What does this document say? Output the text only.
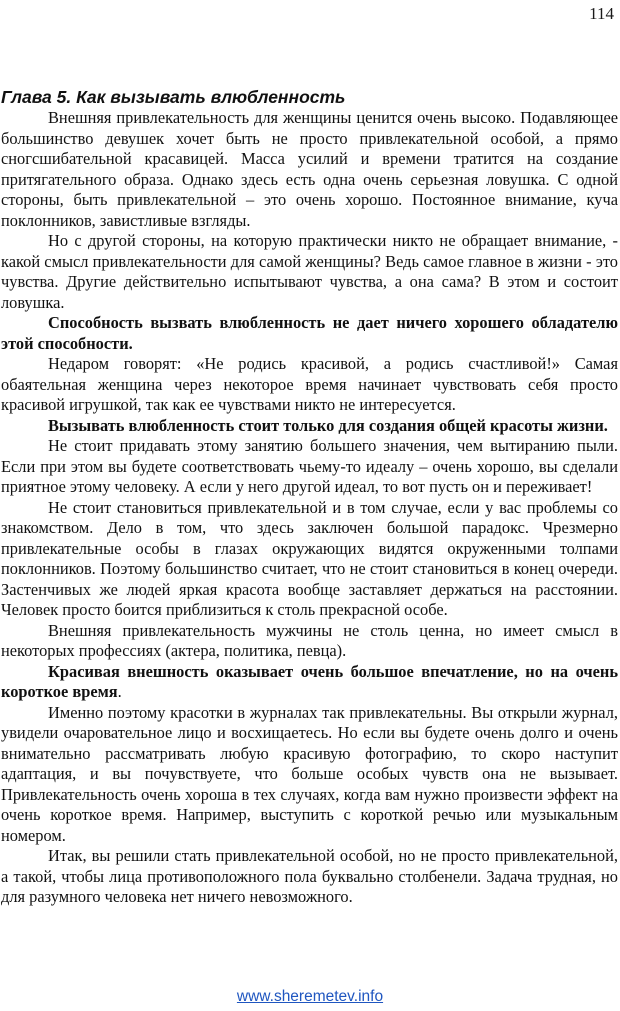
114
Глава 5. Как вызывать влюбленность

Внешняя привлекательность для женщины ценится очень высоко. Подавляющее большинство девушек хочет быть не просто привлекательной особой, а прямо сногсшибательной красавицей. Масса усилий и времени тратится на создание притягательного образа. Однако здесь есть одна очень серьезная ловушка. С одной стороны, быть привлекательной – это очень хорошо. Постоянное внимание, куча поклонников, завистливые взгляды.

Но с другой стороны, на которую практически никто не обращает внимание, - какой смысл привлекательности для самой женщины? Ведь самое главное в жизни - это чувства. Другие действительно испытывают чувства, а она сама? В этом и состоит ловушка.

Способность вызвать влюбленность не дает ничего хорошего обладателю этой способности.

Недаром говорят: «Не родись красивой, а родись счастливой!» Самая обаятельная женщина через некоторое время начинает чувствовать себя просто красивой игрушкой, так как ее чувствами никто не интересуется.

Вызывать влюбленность стоит только для создания общей красоты жизни.

Не стоит придавать этому занятию большего значения, чем вытиранию пыли. Если при этом вы будете соответствовать чьему-то идеалу – очень хорошо, вы сделали приятное этому человеку. А если у него другой идеал, то вот пусть он и переживает!

Не стоит становиться привлекательной и в том случае, если у вас проблемы со знакомством. Дело в том, что здесь заключен большой парадокс. Чрезмерно привлекательные особы в глазах окружающих видятся окруженными толпами поклонников. Поэтому большинство считает, что не стоит становиться в конец очереди. Застенчивых же людей яркая красота вообще заставляет держаться на расстоянии. Человек просто боится приблизиться к столь прекрасной особе.

Внешняя привлекательность мужчины не столь ценна, но имеет смысл в некоторых профессиях (актера, политика, певца).

Красивая внешность оказывает очень большое впечатление, но на очень короткое время.

Именно поэтому красотки в журналах так привлекательны. Вы открыли журнал, увидели очаровательное лицо и восхищаетесь. Но если вы будете очень долго и очень внимательно рассматривать любую красивую фотографию, то скоро наступит адаптация, и вы почувствуете, что больше особых чувств она не вызывает. Привлекательность очень хороша в тех случаях, когда вам нужно произвести эффект на очень короткое время. Например, выступить с короткой речью или музыкальным номером.

Итак, вы решили стать привлекательной особой, но не просто привлекательной, а такой, чтобы лица противоположного пола буквально столбенели. Задача трудная, но для разумного человека нет ничего невозможного.

www.sheremetev.info
